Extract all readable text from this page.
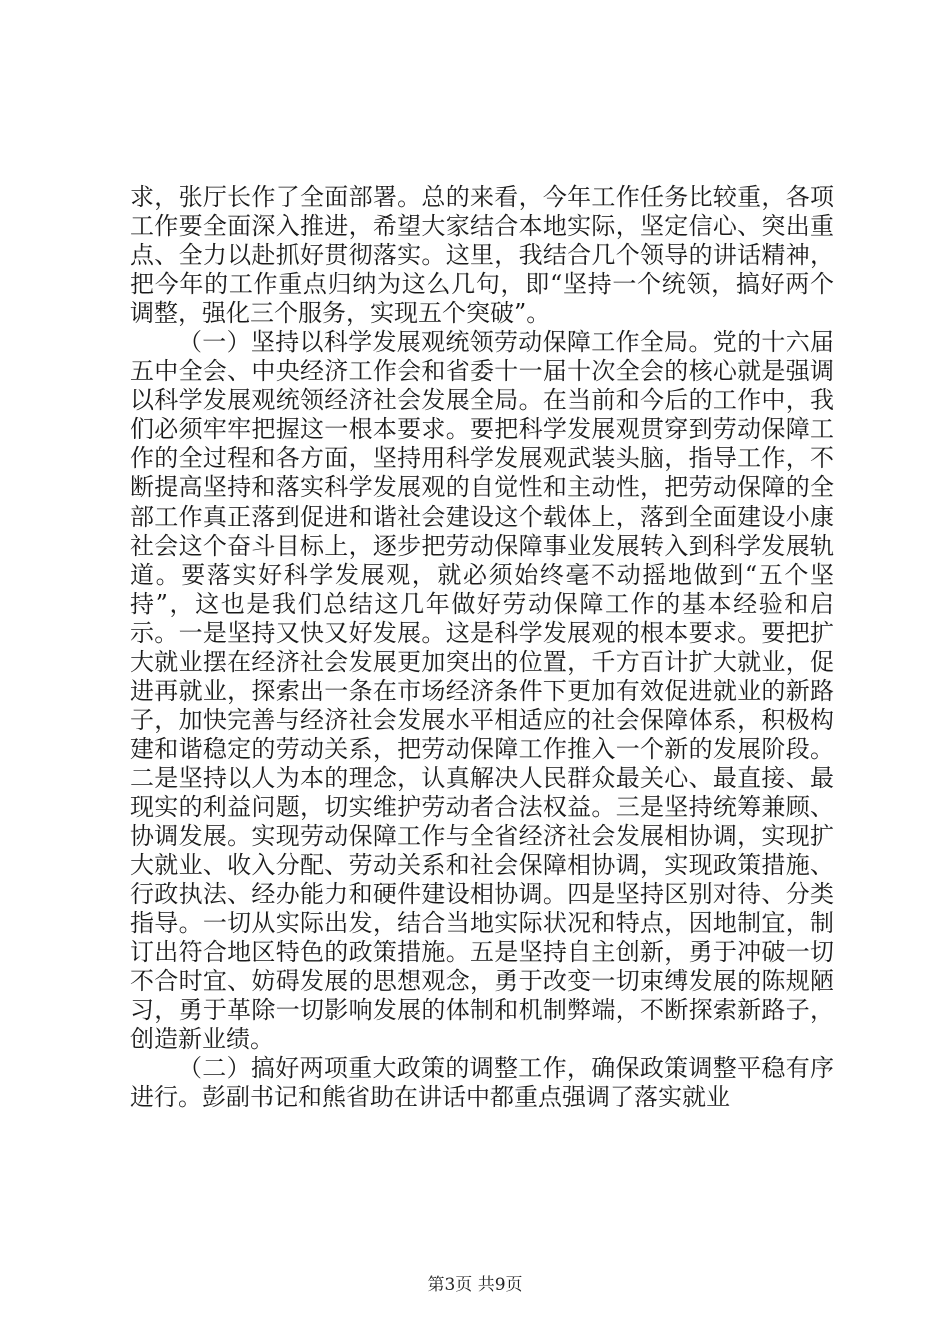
求，张厅长作了全面部署。总的来看，今年工作任务比较重，各项工作要全面深入推进，希望大家结合本地实际，坚定信心、突出重点、全力以赴抓好贯彻落实。这里，我结合几个领导的讲话精神，把今年的工作重点归纳为这么几句，即“坚持一个统领，搞好两个调整，强化三个服务，实现五个突破”。

（一）坚持以科学发展观统领劳动保障工作全局。党的十六届五中全会、中央经济工作会和省委十一届十次全会的核心就是强调以科学发展观统领经济社会发展全局。在当前和今后的工作中，我们必须牢牢把握这一根本要求。要把科学发展观贯穿到劳动保障工作的全过程和各方面，坚持用科学发展观武装头脑，指导工作，不断提高坚持和落实科学发展观的自觉性和主动性，把劳动保障的全部工作真正落到促进和谐社会建设这个载体上，落到全面建设小康社会这个奋斗目标上，逐步把劳动保障事业发展转入到科学发展轨道。要落实好科学发展观，就必须始终毫不动摇地做到“五个坚持”，这也是我们总结这几年做好劳动保障工作的基本经验和启示。一是坚持又快又好发展。这是科学发展观的根本要求。要把扩大就业摆在经济社会发展更加突出的位置，千方百计扩大就业，促进再就业，探索出一条在市场经济条件下更加有效促进就业的新路子，加快完善与经济社会发展水平相适应的社会保障体系，积极构建和谐稳定的劳动关系，把劳动保障工作推入一个新的发展阶段。二是坚持以人为本的理念，认真解决人民群众最关心、最直接、最现实的利益问题，切实维护劳动者合法权益。三是坚持统筹兼顾、协调发展。实现劳动保障工作与全省经济社会发展相协调，实现扩大就业、收入分配、劳动关系和社会保障相协调，实现政策措施、行政执法、经办能力和硬件建设相协调。四是坚持区别对待、分类指导。一切从实际出发，结合当地实际状况和特点，因地制宜，制订出符合地区特色的政策措施。五是坚持自主创新，勇于冲破一切不合时宜、妨碍发展的思想观念，勇于改变一切束缚发展的陈规陋习，勇于革除一切影响发展的体制和机制弊端，不断探索新路子，创造新业绩。

（二）搞好两项重大政策的调整工作，确保政策调整平稳有序进行。彭副书记和熊省助在讲话中都重点强调了落实就业

第3页 共9页
